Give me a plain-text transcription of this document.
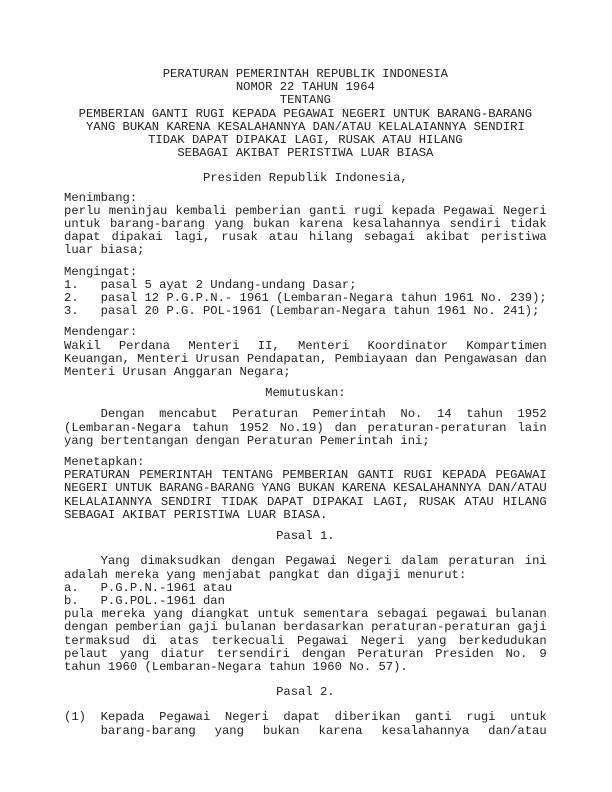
PERATURAN PEMERINTAH REPUBLIK INDONESIA
NOMOR 22 TAHUN 1964
TENTANG
PEMBERIAN GANTI RUGI KEPADA PEGAWAI NEGERI UNTUK BARANG-BARANG
YANG BUKAN KARENA KESALAHANNYA DAN/ATAU KELALAIANNYA SENDIRI
TIDAK DAPAT DIPAKAI LAGI, RUSAK ATAU HILANG
SEBAGAI AKIBAT PERISTIWA LUAR BIASA
Presiden Republik Indonesia,
Menimbang:
perlu meninjau kembali pemberian ganti rugi kepada Pegawai Negeri untuk barang-barang yang bukan karena kesalahannya sendiri tidak dapat dipakai lagi, rusak atau hilang sebagai akibat peristiwa luar biasa;
Mengingat:
1. pasal 5 ayat 2 Undang-undang Dasar;
2. pasal 12 P.G.P.N.- 1961 (Lembaran-Negara tahun 1961 No. 239);
3. pasal 20 P.G. POL-1961 (Lembaran-Negara tahun 1961 No. 241);
Mendengar:
Wakil Perdana Menteri II, Menteri Koordinator Kompartimen Keuangan, Menteri Urusan Pendapatan, Pembiayaan dan Pengawasan dan Menteri Urusan Anggaran Negara;
Memutuskan:
Dengan mencabut Peraturan Pemerintah No. 14 tahun 1952 (Lembaran-Negara tahun 1952 No.19) dan peraturan-peraturan lain yang bertentangan dengan Peraturan Pemerintah ini;
Menetapkan:
PERATURAN PEMERINTAH TENTANG PEMBERIAN GANTI RUGI KEPADA PEGAWAI NEGERI UNTUK BARANG-BARANG YANG BUKAN KARENA KESALAHANNYA DAN/ATAU KELALAIANNYA SENDIRI TIDAK DAPAT DIPAKAI LAGI, RUSAK ATAU HILANG SEBAGAI AKIBAT PERISTIWA LUAR BIASA.
Pasal 1.
Yang dimaksudkan dengan Pegawai Negeri dalam peraturan ini adalah mereka yang menjabat pangkat dan digaji menurut:
a. P.G.P.N.-1961 atau
b. P.G.POL.-1961 dan
pula mereka yang diangkat untuk sementara sebagai pegawai bulanan dengan pemberian gaji bulanan berdasarkan peraturan-peraturan gaji termaksud di atas terkecuali Pegawai Negeri yang berkedudukan pelaut yang diatur tersendiri dengan Peraturan Presiden No. 9 tahun 1960 (Lembaran-Negara tahun 1960 No. 57).
Pasal 2.
(1) Kepada Pegawai Negeri dapat diberikan ganti rugi untuk barang-barang yang bukan karena kesalahannya dan/atau
